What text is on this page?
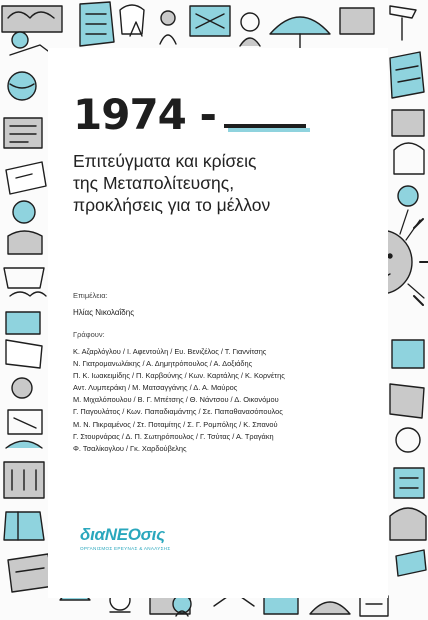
1974 - 1974 -
Επιτεύγματα και κρίσεις
της Μεταπολίτευσης,
προκλήσεις για το μέλλον
Επιμέλεια:
Ηλίας Νικολαΐδης
Γράφουν:
Κ. Αζαρλόγλου / Ι. Αφεντούλη / Ευ. Βενιζέλος / Τ. Γιαννίτσης
Ν. Γιατρομανωλάκης / Α. Δημητρόπουλος / Α. Δοξιάδης
Π. Κ. Ιωακειμίδης / Π. Καρβούνης / Κων. Καρτάλης / Κ. Κορνέτης
Αντ. Λυμπεράκη / Μ. Ματσαγγάνης / Δ. Α. Μαύρος
Μ. Μιχαλόπουλου / Β. Γ. Μπέτσης / Θ. Νάντσου / Δ. Οικονόμου
Γ. Παγουλάτος / Κων. Παπαδιαμάντης / Σε. Παπαθανασόπουλος
Μ. Ν. Πικραμένος / Στ. Ποταμίτης / Σ. Γ. Ρομπόλης / Κ. Σπανού
Γ. Στουρνάρας / Δ. Π. Σωτηρόπουλος / Γ. Τσύτας / Α. Τραγάκη
Φ. Τσαλίκογλου / Γκ. Χαρδούβελης
διαNEOσις
ΟΡΓΑΝΙΣΜΟΣ ΕΡΕΥΝΑΣ & ΑΝΑΛΥΣΗΣ
